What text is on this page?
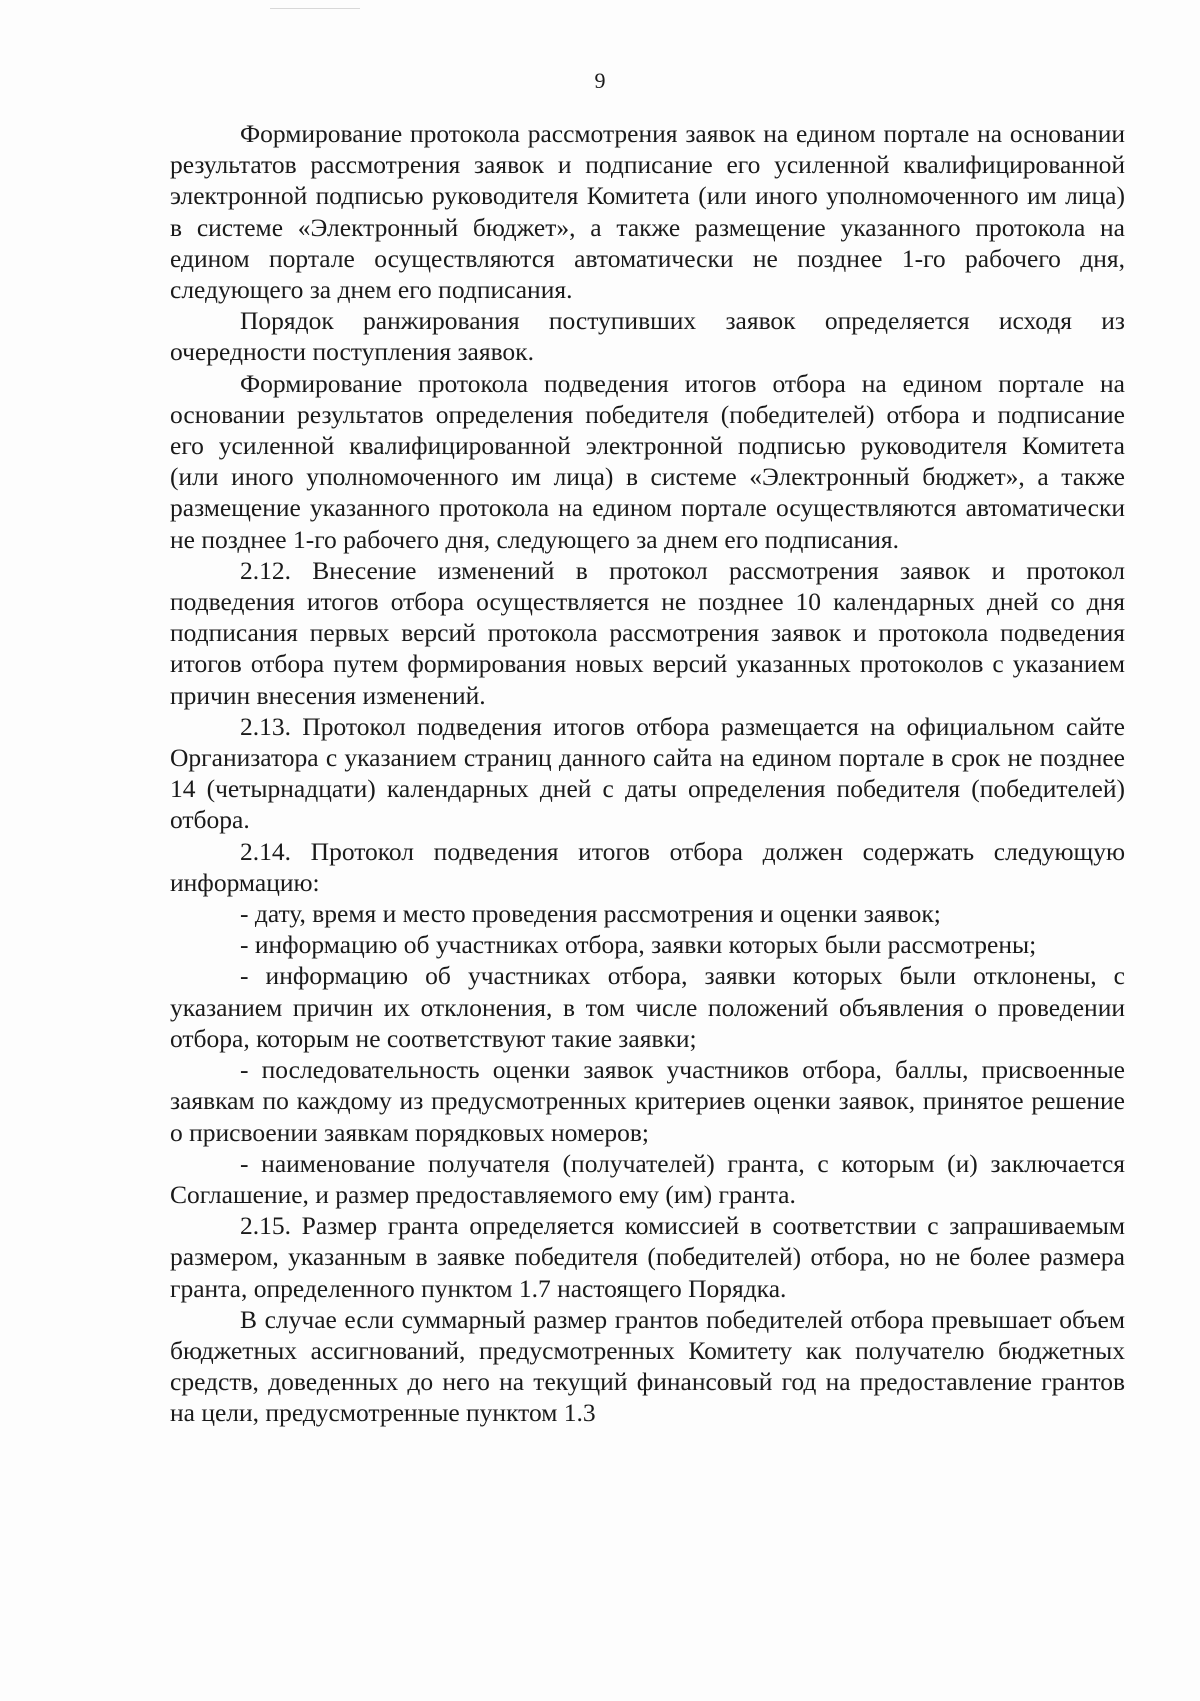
9

Формирование протокола рассмотрения заявок на едином портале на основании результатов рассмотрения заявок и подписание его усиленной квалифицированной электронной подписью руководителя Комитета (или иного уполномоченного им лица) в системе «Электронный бюджет», а также размещение указанного протокола на едином портале осуществляются автоматически не позднее 1-го рабочего дня, следующего за днем его подписания.

Порядок ранжирования поступивших заявок определяется исходя из очередности поступления заявок.

Формирование протокола подведения итогов отбора на едином портале на основании результатов определения победителя (победителей) отбора и подписание его усиленной квалифицированной электронной подписью руководителя Комитета (или иного уполномоченного им лица) в системе «Электронный бюджет», а также размещение указанного протокола на едином портале осуществляются автоматически не позднее 1-го рабочего дня, следующего за днем его подписания.

2.12. Внесение изменений в протокол рассмотрения заявок и протокол подведения итогов отбора осуществляется не позднее 10 календарных дней со дня подписания первых версий протокола рассмотрения заявок и протокола подведения итогов отбора путем формирования новых версий указанных протоколов с указанием причин внесения изменений.

2.13. Протокол подведения итогов отбора размещается на официальном сайте Организатора с указанием страниц данного сайта на едином портале в срок не позднее 14 (четырнадцати) календарных дней с даты определения победителя (победителей) отбора.

2.14. Протокол подведения итогов отбора должен содержать следующую информацию:

- дату, время и место проведения рассмотрения и оценки заявок;

- информацию об участниках отбора, заявки которых были рассмотрены;

- информацию об участниках отбора, заявки которых были отклонены, с указанием причин их отклонения, в том числе положений объявления о проведении отбора, которым не соответствуют такие заявки;

- последовательность оценки заявок участников отбора, баллы, присвоенные заявкам по каждому из предусмотренных критериев оценки заявок, принятое решение о присвоении заявкам порядковых номеров;

- наименование получателя (получателей) гранта, с которым (и) заключается Соглашение, и размер предоставляемого ему (им) гранта.

2.15. Размер гранта определяется комиссией в соответствии с запрашиваемым размером, указанным в заявке победителя (победителей) отбора, но не более размера гранта, определенного пунктом 1.7 настоящего Порядка.

В случае если суммарный размер грантов победителей отбора превышает объем бюджетных ассигнований, предусмотренных Комитету как получателю бюджетных средств, доведенных до него на текущий финансовый год на предоставление грантов на цели, предусмотренные пунктом 1.3
